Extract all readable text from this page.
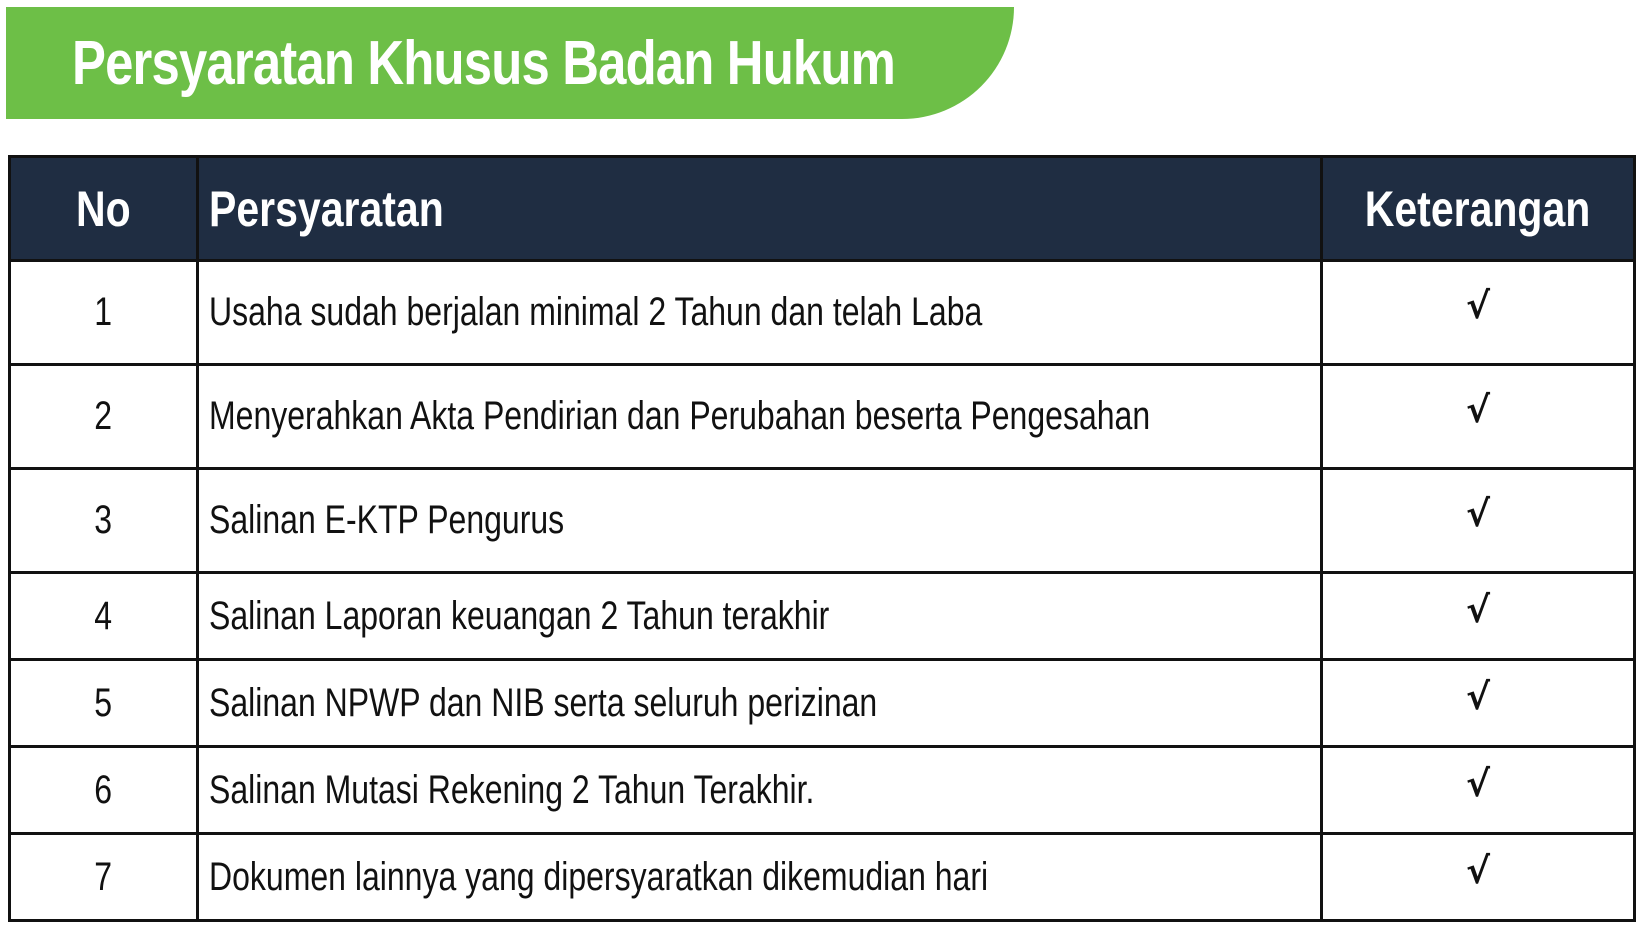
Persyaratan Khusus Badan Hukum
No	Persyaratan	Keterangan
1	Usaha sudah berjalan minimal 2 Tahun dan telah Laba	√
2	Menyerahkan Akta Pendirian dan Perubahan beserta Pengesahan	√
3	Salinan E-KTP Pengurus	√
4	Salinan Laporan keuangan 2 Tahun terakhir	√
5	Salinan NPWP dan NIB serta seluruh perizinan	√
6	Salinan Mutasi Rekening 2 Tahun Terakhir.	√
7	Dokumen lainnya yang dipersyaratkan dikemudian hari	√
